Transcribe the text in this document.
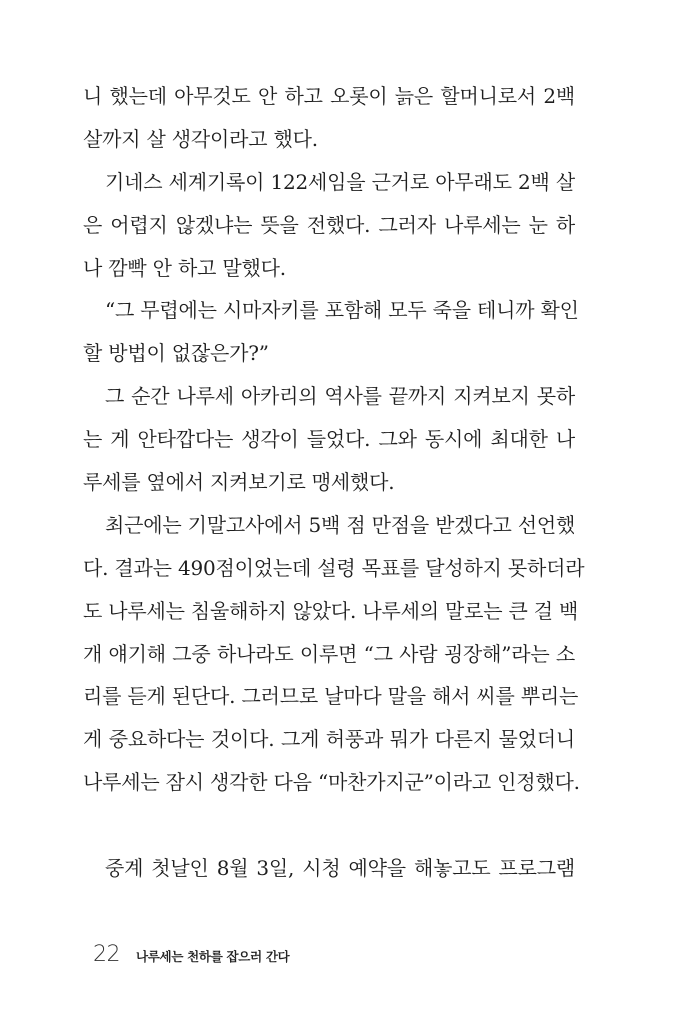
니 했는데 아무것도 안 하고 오롯이 늙은 할머니로서 2백
살까지 살 생각이라고 했다.
기네스 세계기록이 122세임을 근거로 아무래도 2백 살
은 어렵지 않겠냐는 뜻을 전했다. 그러자 나루세는 눈 하
나 깜빡 안 하고 말했다.
“그 무렵에는 시마자키를 포함해 모두 죽을 테니까 확인
할 방법이 없잖은가?”
그 순간 나루세 아카리의 역사를 끝까지 지켜보지 못하
는 게 안타깝다는 생각이 들었다. 그와 동시에 최대한 나
루세를 옆에서 지켜보기로 맹세했다.
최근에는 기말고사에서 5백 점 만점을 받겠다고 선언했
다. 결과는 490점이었는데 설령 목표를 달성하지 못하더라
도 나루세는 침울해하지 않았다. 나루세의 말로는 큰 걸 백
개 얘기해 그중 하나라도 이루면 “그 사람 굉장해”라는 소
리를 듣게 된단다. 그러므로 날마다 말을 해서 씨를 뿌리는
게 중요하다는 것이다. 그게 허풍과 뭐가 다른지 물었더니
나루세는 잠시 생각한 다음 “마찬가지군”이라고 인정했다.
중계 첫날인 8월 3일, 시청 예약을 해놓고도 프로그램
22 나루세는 천하를 잡으러 간다
